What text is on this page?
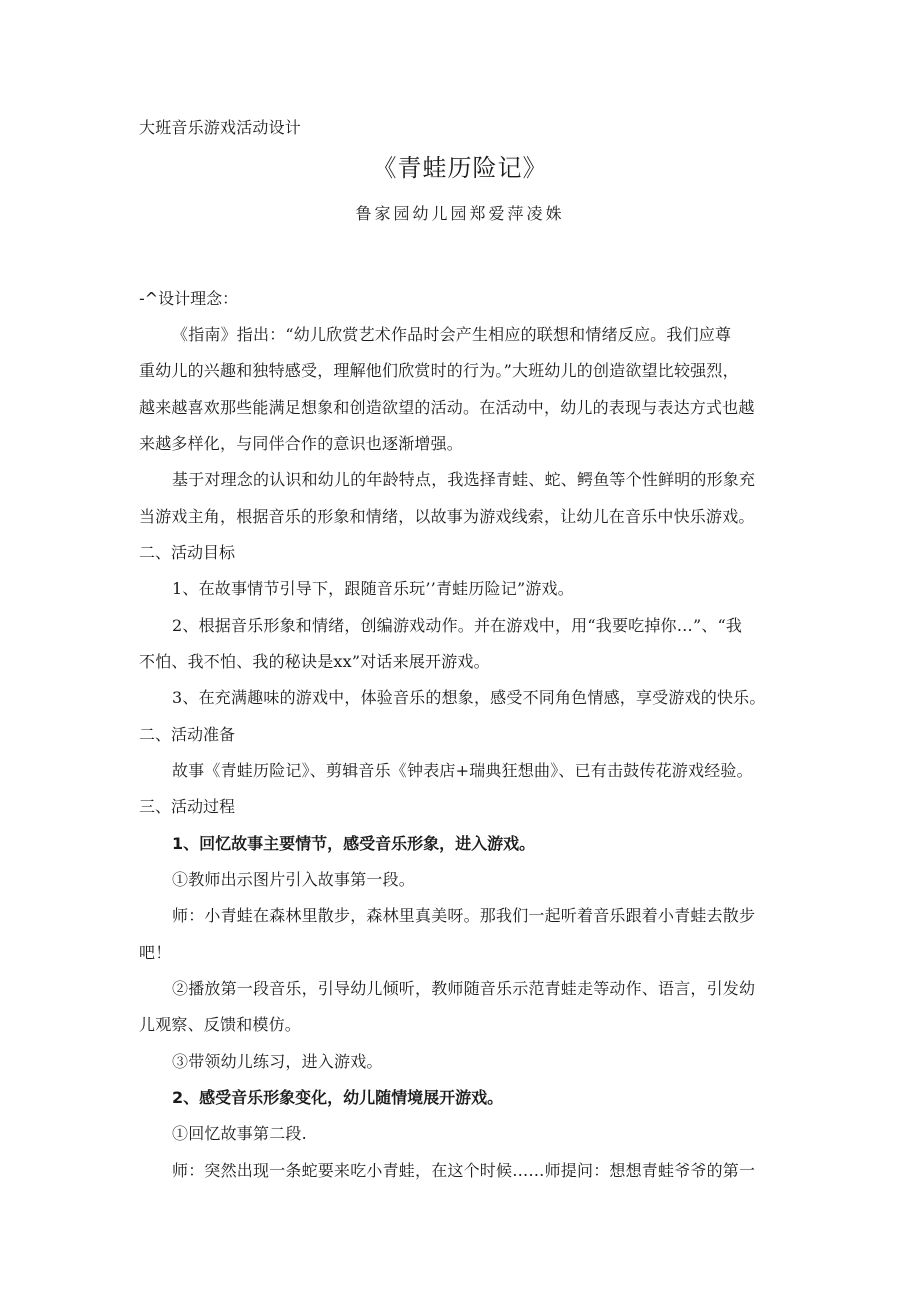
大班音乐游戏活动设计

《青蛙历险记》

鲁家园幼儿园郑爱萍凌姝

-^设计理念：

《指南》指出：“幼儿欣赏艺术作品时会产生相应的联想和情绪反应。我们应尊

重幼儿的兴趣和独特感受，理解他们欣赏时的行为。”大班幼儿的创造欲望比较强烈，

越来越喜欢那些能满足想象和创造欲望的活动。在活动中，幼儿的表现与表达方式也越

来越多样化，与同伴合作的意识也逐渐增强。

基于对理念的认识和幼儿的年龄特点，我选择青蛙、蛇、鳄鱼等个性鲜明的形象充

当游戏主角，根据音乐的形象和情绪，以故事为游戏线索，让幼儿在音乐中快乐游戏。

二、活动目标

1、在故事情节引导下，跟随音乐玩’’青蛙历险记”游戏。

2、根据音乐形象和情绪，创编游戏动作。并在游戏中，用“我要吃掉你…”、“我

不怕、我不怕、我的秘诀是xx”对话来展开游戏。

3、在充满趣味的游戏中，体验音乐的想象，感受不同角色情感，享受游戏的快乐。

二、活动准备

故事《青蛙历险记》、剪辑音乐《钟表店+瑞典狂想曲》、已有击鼓传花游戏经验。

三、活动过程

1、回忆故事主要情节，感受音乐形象，进入游戏。

①教师出示图片引入故事第一段。

师：小青蛙在森林里散步，森林里真美呀。那我们一起听着音乐跟着小青蛙去散步

吧！

②播放第一段音乐，引导幼儿倾听，教师随音乐示范青蛙走等动作、语言，引发幼

儿观察、反馈和模仿。

③带领幼儿练习，进入游戏。

2、感受音乐形象变化，幼儿随情境展开游戏。

①回忆故事第二段.

师：突然出现一条蛇要来吃小青蛙，在这个时候……师提问：想想青蛙爷爷的第一
